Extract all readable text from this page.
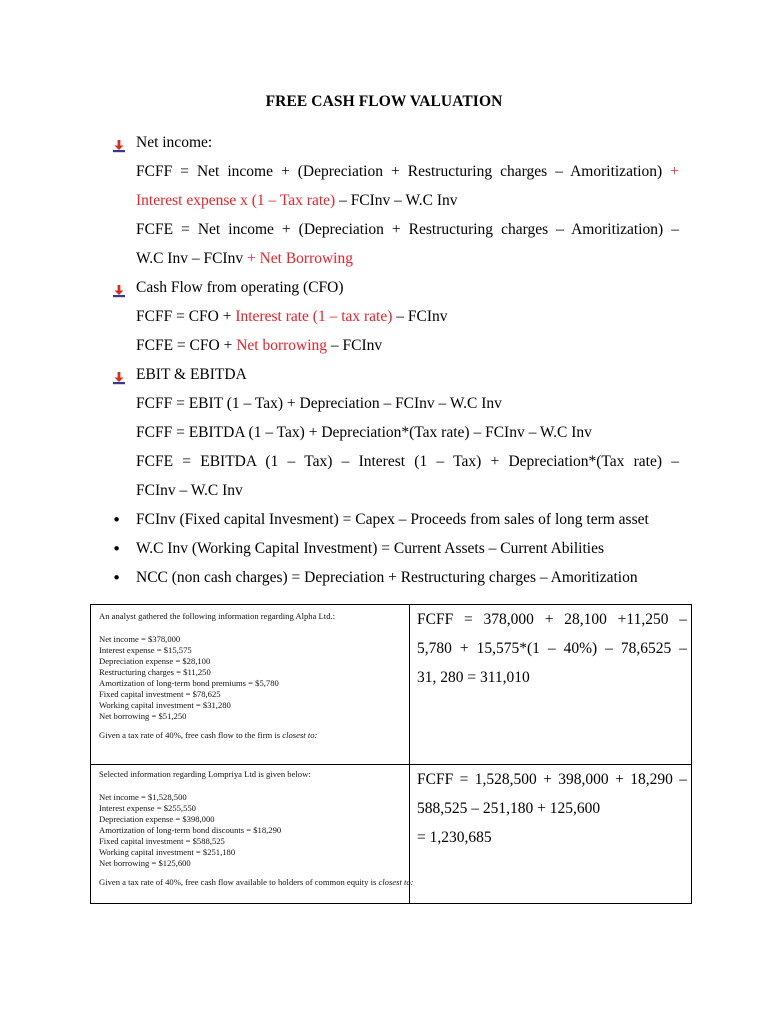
FREE CASH FLOW VALUATION
Net income:
FCFF = Net income + (Depreciation + Restructuring charges – Amoritization) +
Interest expense x (1 – Tax rate) – FCInv – W.C Inv
FCFE = Net income + (Depreciation + Restructuring charges – Amoritization) –
W.C Inv – FCInv + Net Borrowing
Cash Flow from operating (CFO)
FCFF = CFO + Interest rate (1 – tax rate) – FCInv
FCFE = CFO + Net borrowing – FCInv
EBIT & EBITDA
FCFF = EBIT (1 – Tax) + Depreciation – FCInv – W.C Inv
FCFF = EBITDA (1 – Tax) + Depreciation*(Tax rate) – FCInv – W.C Inv
FCFE = EBITDA (1 – Tax) – Interest (1 – Tax) + Depreciation*(Tax rate) –
FCInv – W.C Inv
• FCInv (Fixed capital Invesment) = Capex – Proceeds from sales of long term asset
• W.C Inv (Working Capital Investment) = Current Assets – Current Abilities
• NCC (non cash charges) = Depreciation + Restructuring charges – Amoritization
An analyst gathered the following information regarding Alpha Ltd.:
Net income = $378,000
Interest expense = $15,575
Depreciation expense = $28,100
Restructuring charges = $11,250
Amortization of long-term bond premiums = $5,780
Fixed capital investment = $78,625
Working capital investment = $31,280
Net borrowing = $51,250
Given a tax rate of 40%, free cash flow to the firm is closest to:
FCFF = 378,000 + 28,100 +11,250 –
5,780 + 15,575*(1 – 40%) – 78,6525 –
31, 280 = 311,010
Selected information regarding Lompriya Ltd is given below:
Net income = $1,528,500
Interest expense = $255,550
Depreciation expense = $398,000
Amortization of long-term bond discounts = $18,290
Fixed capital investment = $588,525
Working capital investment = $251,180
Net borrowing = $125,600
Given a tax rate of 40%, free cash flow available to holders of common equity is closest to:
FCFF = 1,528,500 + 398,000 + 18,290 –
588,525 – 251,180 + 125,600
= 1,230,685
